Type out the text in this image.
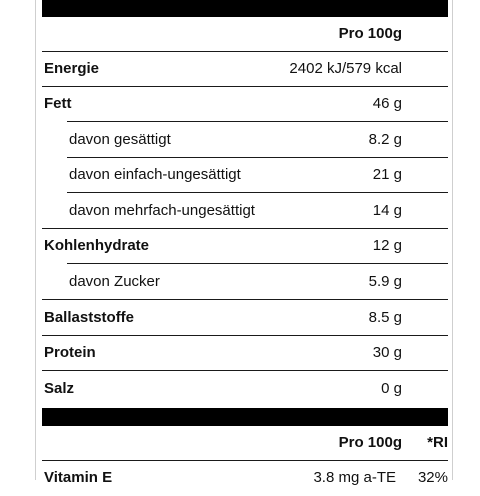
Pro 100g
Energie	2402 kJ/579 kcal
Fett	46 g
davon gesättigt	8.2 g
davon einfach-ungesättigt	21 g
davon mehrfach-ungesättigt	14 g
Kohlenhydrate	12 g
davon Zucker	5.9 g
Ballaststoffe	8.5 g
Protein	30 g
Salz	0 g
Pro 100g *RI
Vitamin E	3.8 mg a-TE 32%
